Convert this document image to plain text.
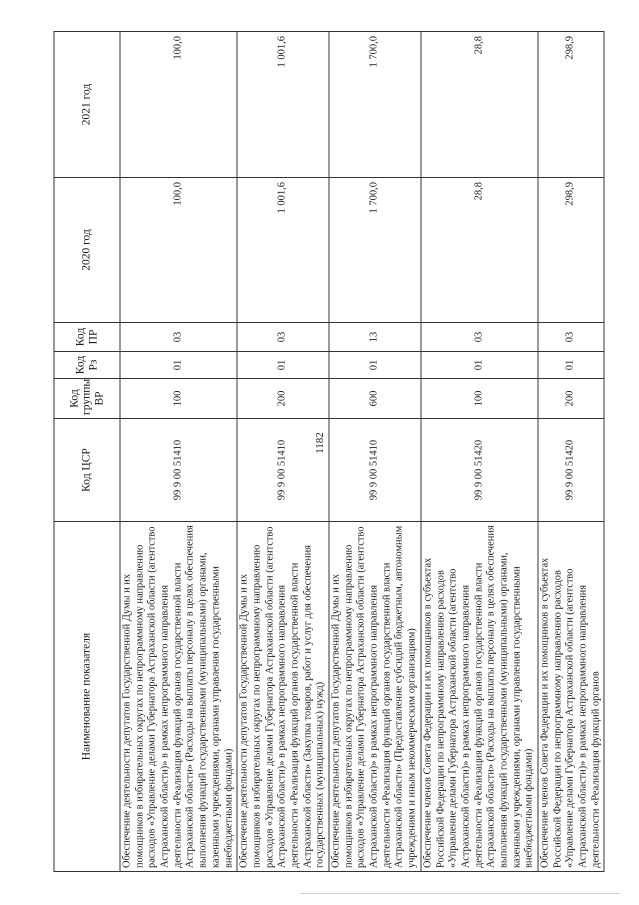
1182
Наименование показателя	Код ЦСР	Код группы ВР	Код Рз	Код ПР	2020 год	2021 год
Обеспечение деятельности депутатов Государственной Думы и их помощников в избирательных округах по непрограммному направлению расходов «Управление делами Губернатора Астраханской области (агентство Астраханской области)» в рамках непрограммного направления деятельности «Реализация функций органов государственной власти Астраханской области» (Расходы на выплаты персоналу в целях обеспечения выполнения функций государственными (муниципальными) органами, казенными учреждениями, органами управления государственными внебюджетными фондами)	99 9 00 51410	100	01	03	100,0	100,0
Обеспечение деятельности депутатов Государственной Думы и их помощников в избирательных округах по непрограммному направлению расходов «Управление делами Губернатора Астраханской области (агентство Астраханской области)» в рамках непрограммного направления деятельности «Реализация функций органов государственной власти Астраханской области» (Закупка товаров, работ и услуг для обеспечения государственных (муниципальных) нужд)	99 9 00 51410	200	01	03	1 001,6	1 001,6
Обеспечение деятельности депутатов Государственной Думы и их помощников в избирательных округах по непрограммному направлению расходов «Управление делами Губернатора Астраханской области (агентство Астраханской области)» в рамках непрограммного направления деятельности «Реализация функций органов государственной власти Астраханской области» (Предоставление субсидий бюджетным, автономным учреждениям и иным некоммерческим организациям)	99 9 00 51410	600	01	13	1 700,0	1 700,0
Обеспечение членов Совета Федерации и их помощников в субъектах Российской Федерации по непрограммному направлению расходов «Управление делами Губернатора Астраханской области (агентство Астраханской области)» в рамках непрограммного направления деятельности «Реализация функций органов государственной власти Астраханской области» (Расходы на выплаты персоналу в целях обеспечения выполнения функций государственными (муниципальными) органами, казенными учреждениями, органами управления государственными внебюджетными фондами)	99 9 00 51420	100	01	03	28,8	28,8
Обеспечение членов Совета Федерации и их помощников в субъектах Российской Федерации по непрограммному направлению расходов «Управление делами Губернатора Астраханской области (агентство Астраханской области)» в рамках непрограммного направления деятельности «Реализация функций органов	99 9 00 51420	200	01	03	298,9	298,9
